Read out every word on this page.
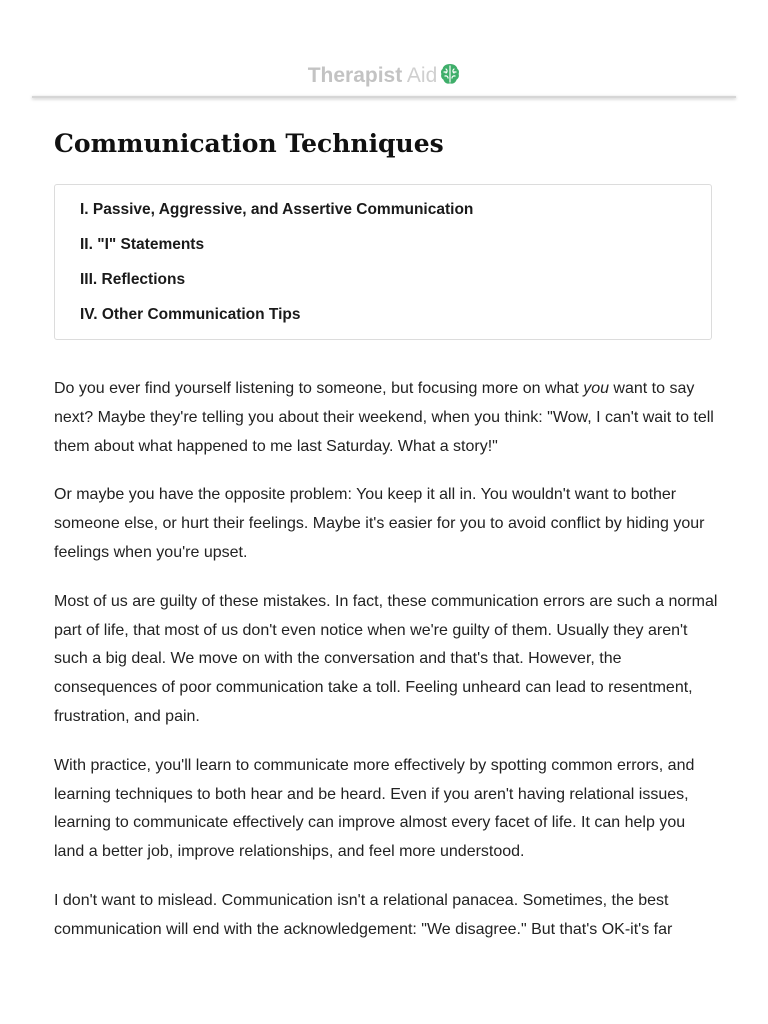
Therapist Aid
Communication Techniques
I. Passive, Aggressive, and Assertive Communication
II. "I" Statements
III. Reflections
IV. Other Communication Tips

Do you ever find yourself listening to someone, but focusing more on what you want to say next? Maybe they're telling you about their weekend, when you think: "Wow, I can't wait to tell them about what happened to me last Saturday. What a story!"

Or maybe you have the opposite problem: You keep it all in. You wouldn't want to bother someone else, or hurt their feelings. Maybe it's easier for you to avoid conflict by hiding your feelings when you're upset.

Most of us are guilty of these mistakes. In fact, these communication errors are such a normal part of life, that most of us don't even notice when we're guilty of them. Usually they aren't such a big deal. We move on with the conversation and that's that. However, the consequences of poor communication take a toll. Feeling unheard can lead to resentment, frustration, and pain.

With practice, you'll learn to communicate more effectively by spotting common errors, and learning techniques to both hear and be heard. Even if you aren't having relational issues, learning to communicate effectively can improve almost every facet of life. It can help you land a better job, improve relationships, and feel more understood.

I don't want to mislead. Communication isn't a relational panacea. Sometimes, the best communication will end with the acknowledgement: "We disagree." But that's OK-it's far
